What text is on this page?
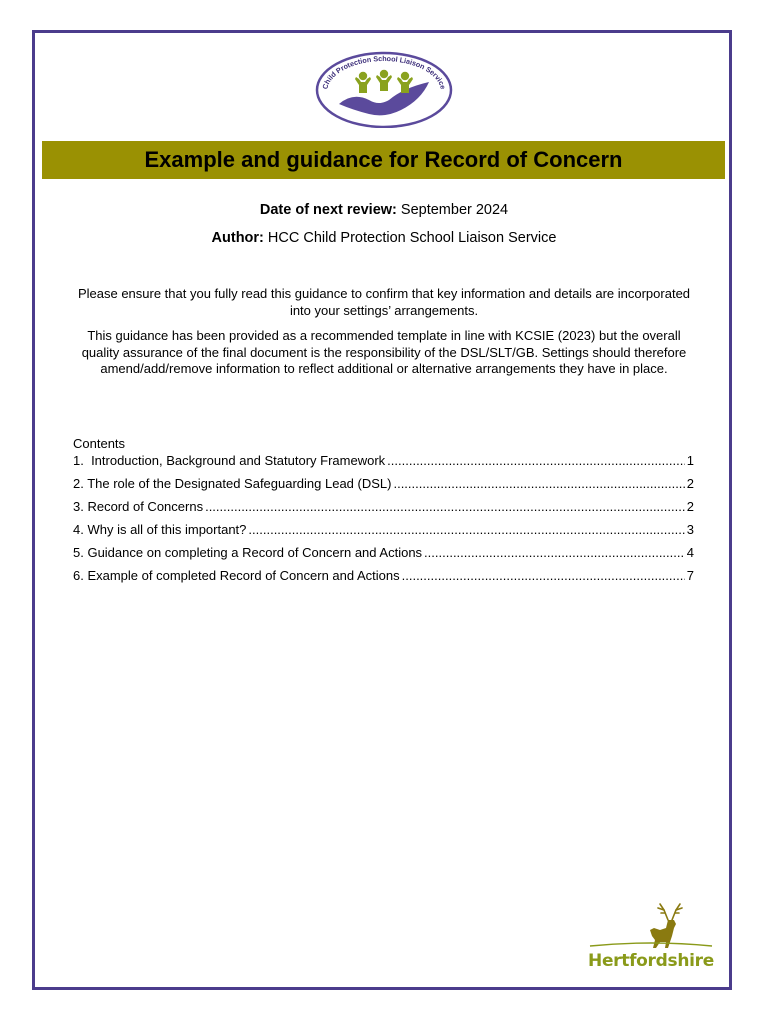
Child Protection School Liaison Service
Example and guidance for Record of Concern
Date of next review: September 2024
Author: HCC Child Protection School Liaison Service
Please ensure that you fully read this guidance to confirm that key information and details are incorporated into your settings’ arrangements.
This guidance has been provided as a recommended template in line with KCSIE (2023) but the overall quality assurance of the final document is the responsibility of the DSL/SLT/GB. Settings should therefore amend/add/remove information to reflect additional or alternative arrangements they have in place.
Contents
1.  Introduction, Background and Statutory Framework .....	1
2. The role of the Designated Safeguarding Lead (DSL) .....	2
3. Record of Concerns .....	2
4. Why is all of this important? .....	3
5. Guidance on completing a Record of Concern and Actions .....	4
6. Example of completed Record of Concern and Actions .....	7
Hertfordshire
